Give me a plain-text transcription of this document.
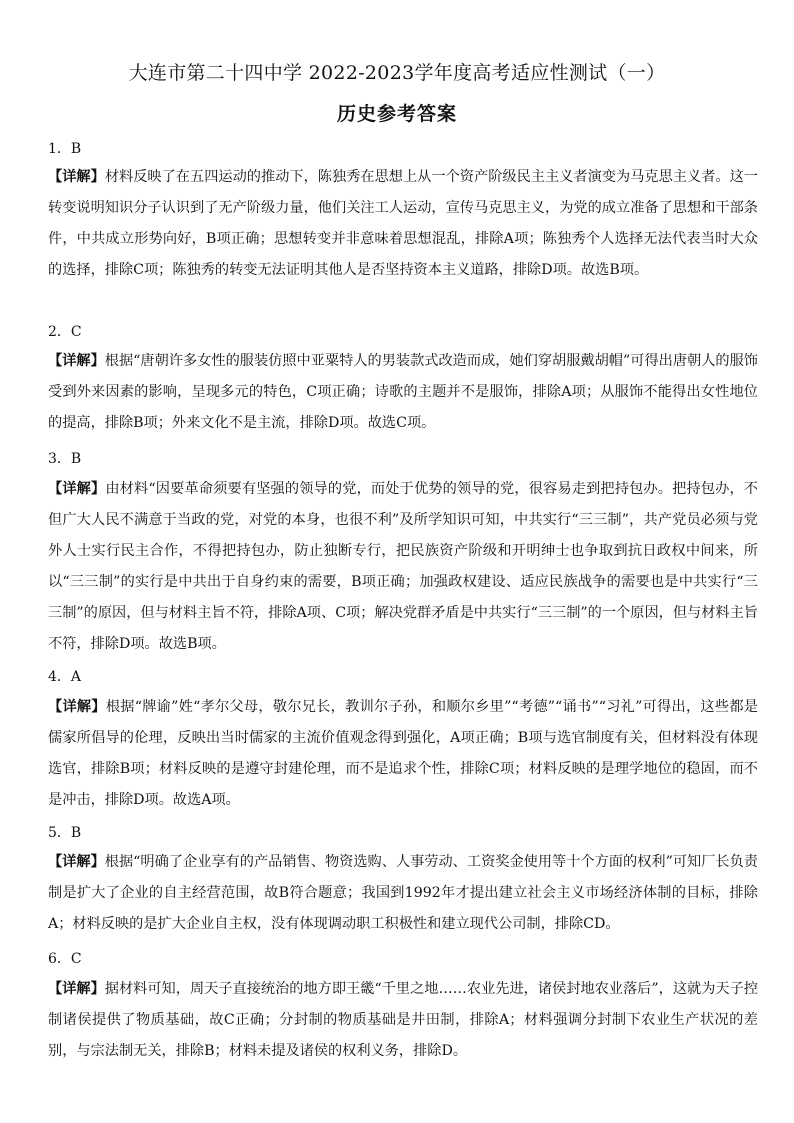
大连市第二十四中学 2022-2023学年度高考适应性测试（一）
历史参考答案
1．B

【详解】材料反映了在五四运动的推动下，陈独秀在思想上从一个资产阶级民主主义者演变为马克思主义者。这一转变说明知识分子认识到了无产阶级力量，他们关注工人运动，宣传马克思主义，为党的成立准备了思想和干部条件，中共成立形势向好，B项正确；思想转变并非意味着思想混乱，排除A项；陈独秀个人选择无法代表当时大众的选择，排除C项；陈独秀的转变无法证明其他人是否坚持资本主义道路，排除D项。故选B项。

2．C

【详解】根据“唐朝许多女性的服装仿照中亚粟特人的男装款式改造而成，她们穿胡服戴胡帽”可得出唐朝人的服饰受到外来因素的影响，呈现多元的特色，C项正确；诗歌的主题并不是服饰，排除A项；从服饰不能得出女性地位的提高，排除B项；外来文化不是主流，排除D项。故选C项。

3．B

【详解】由材料“因要革命须要有坚强的领导的党，而处于优势的领导的党，很容易走到把持包办。把持包办，不但广大人民不满意于当政的党，对党的本身，也很不利”及所学知识可知，中共实行“三三制”，共产党员必须与党外人士实行民主合作，不得把持包办，防止独断专行，把民族资产阶级和开明绅士也争取到抗日政权中间来，所以“三三制”的实行是中共出于自身约束的需要，B项正确；加强政权建设、适应民族战争的需要也是中共实行“三三制”的原因，但与材料主旨不符，排除A项、C项；解决党群矛盾是中共实行“三三制”的一个原因，但与材料主旨不符，排除D项。故选B项。

4．A

【详解】根据“牌谕”姓“孝尔父母，敬尔兄长，教训尔子孙，和顺尔乡里”“考德”“诵书”“习礼”可得出，这些都是儒家所倡导的伦理，反映出当时儒家的主流价值观念得到强化，A项正确；B项与选官制度有关，但材料没有体现选官，排除B项；材料反映的是遵守封建伦理，而不是追求个性，排除C项；材料反映的是理学地位的稳固，而不是冲击，排除D项。故选A项。

5．B

【详解】根据“明确了企业享有的产品销售、物资选购、人事劳动、工资奖金使用等十个方面的权利”可知厂长负责制是扩大了企业的自主经营范围，故B符合题意；我国到1992年才提出建立社会主义市场经济体制的目标，排除A；材料反映的是扩大企业自主权，没有体现调动职工积极性和建立现代公司制，排除CD。

6．C

【详解】据材料可知，周天子直接统治的地方即王畿“千里之地……农业先进，诸侯封地农业落后”，这就为天子控制诸侯提供了物质基础，故C正确；分封制的物质基础是井田制，排除A；材料强调分封制下农业生产状况的差别，与宗法制无关，排除B；材料未提及诸侯的权利义务，排除D。
